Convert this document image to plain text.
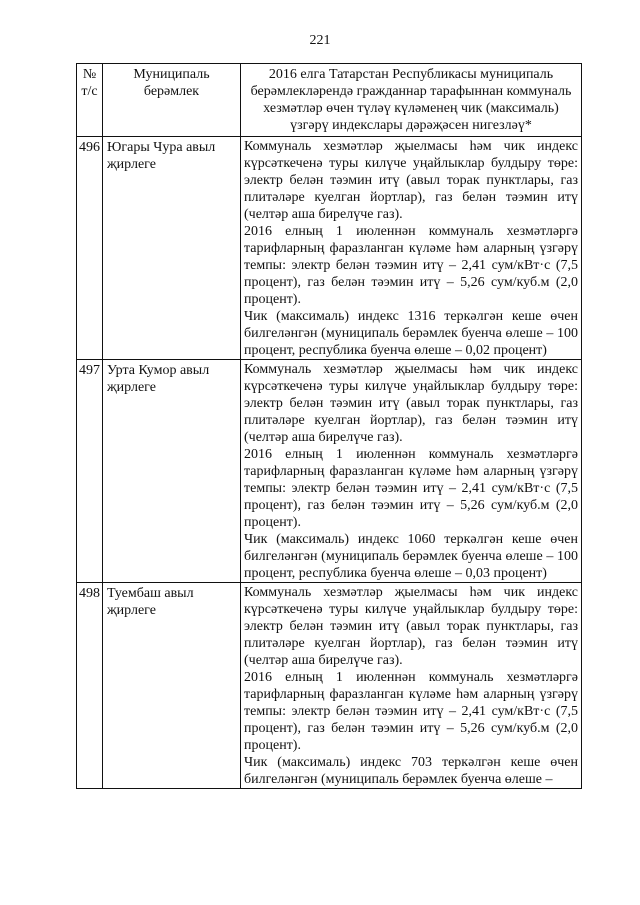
221
№ т/с	Муниципаль берәмлек	2016 елга Татарстан Республикасы муниципаль берәмлекләрендә гражданнар тарафыннан коммуналь хезмәтләр өчен түләү күләменең чик (максималь) үзгәрү индекслары дәрәҗәсен нигезләү*
496	Югары Чура авыл җирлеге	Коммуналь хезмәтләр җыелмасы һәм чик индекс күрсәткеченә туры килүче уңайлыклар булдыру төре: электр белән тәэмин итү (авыл торак пунктлары, газ плитәләре куелган йортлар), газ белән тәэмин итү (челтәр аша бирелүче газ).

2016 елның 1 июленнән коммуналь хезмәтләргә тарифларның фаразланган күләме һәм аларның үзгәрү темпы: электр белән тәэмин итү – 2,41 сум/кВт·с (7,5 процент), газ белән тәэмин итү – 5,26 сум/куб.м (2,0 процент).

Чик (максималь) индекс 1316 теркәлгән кеше өчен билгеләнгән (муниципаль берәмлек буенча өлеше – 100 процент, республика буенча өлеше – 0,02 процент)

497	Урта Кумор авыл җирлеге	Коммуналь хезмәтләр җыелмасы һәм чик индекс күрсәткеченә туры килүче уңайлыклар булдыру төре: электр белән тәэмин итү (авыл торак пунктлары, газ плитәләре куелган йортлар), газ белән тәэмин итү (челтәр аша бирелүче газ).

2016 елның 1 июленнән коммуналь хезмәтләргә тарифларның фаразланган күләме һәм аларның үзгәрү темпы: электр белән тәэмин итү – 2,41 сум/кВт·с (7,5 процент), газ белән тәэмин итү – 5,26 сум/куб.м (2,0 процент).

Чик (максималь) индекс 1060 теркәлгән кеше өчен билгеләнгән (муниципаль берәмлек буенча өлеше – 100 процент, республика буенча өлеше – 0,03 процент)

498	Туембаш авыл җирлеге	Коммуналь хезмәтләр җыелмасы һәм чик индекс күрсәткеченә туры килүче уңайлыклар булдыру төре: электр белән тәэмин итү (авыл торак пунктлары, газ плитәләре куелган йортлар), газ белән тәэмин итү (челтәр аша бирелүче газ).

2016 елның 1 июленнән коммуналь хезмәтләргә тарифларның фаразланган күләме һәм аларның үзгәрү темпы: электр белән тәэмин итү – 2,41 сум/кВт·с (7,5 процент), газ белән тәэмин итү – 5,26 сум/куб.м (2,0 процент).

Чик (максималь) индекс 703 теркәлгән кеше өчен билгеләнгән (муниципаль берәмлек буенча өлеше –
